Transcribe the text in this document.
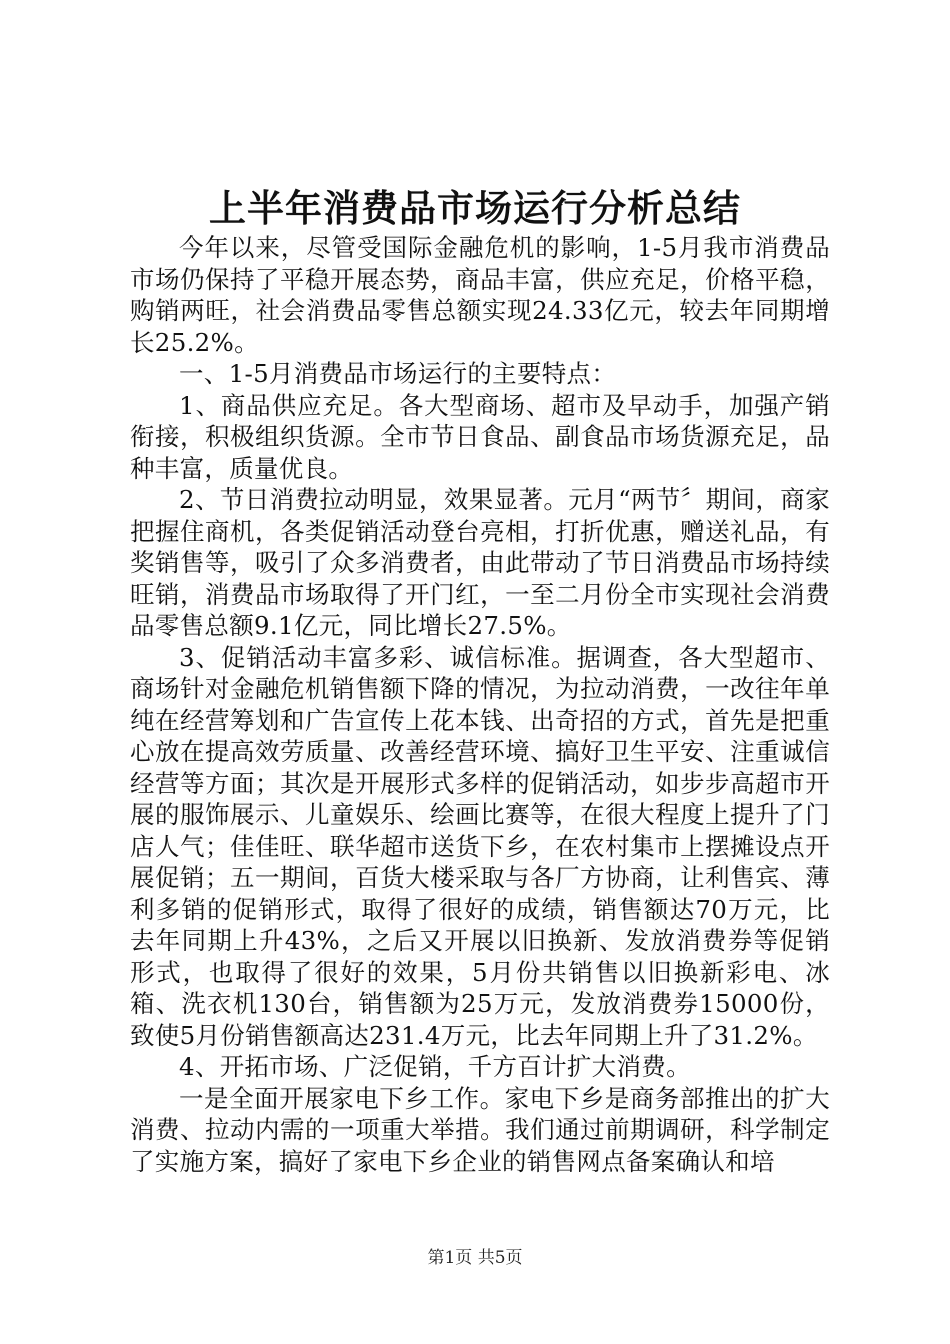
上半年消费品市场运行分析总结

今年以来，尽管受国际金融危机的影响，1-5月我市消费品市场仍保持了平稳开展态势，商品丰富，供应充足，价格平稳，购销两旺，社会消费品零售总额实现24.33亿元，较去年同期增长25.2%。

一、1-5月消费品市场运行的主要特点：

1、商品供应充足。各大型商场、超市及早动手，加强产销衔接，积极组织货源。全市节日食品、副食品市场货源充足，品种丰富，质量优良。

2、节日消费拉动明显，效果显著。元月“两节〞期间，商家把握住商机，各类促销活动登台亮相，打折优惠，赠送礼品，有奖销售等，吸引了众多消费者，由此带动了节日消费品市场持续旺销，消费品市场取得了开门红，一至二月份全市实现社会消费品零售总额9.1亿元，同比增长27.5%。

3、促销活动丰富多彩、诚信标准。据调查，各大型超市、商场针对金融危机销售额下降的情况，为拉动消费，一改往年单纯在经营筹划和广告宣传上花本钱、出奇招的方式，首先是把重心放在提高效劳质量、改善经营环境、搞好卫生平安、注重诚信经营等方面；其次是开展形式多样的促销活动，如步步高超市开展的服饰展示、儿童娱乐、绘画比赛等，在很大程度上提升了门店人气；佳佳旺、联华超市送货下乡，在农村集市上摆摊设点开展促销；五一期间，百货大楼采取与各厂方协商，让利售宾、薄利多销的促销形式，取得了很好的成绩，销售额达70万元，比去年同期上升43%，之后又开展以旧换新、发放消费券等促销形式，也取得了很好的效果，5月份共销售以旧换新彩电、冰箱、洗衣机130台，销售额为25万元，发放消费券15000份，致使5月份销售额高达231.4万元，比去年同期上升了31.2%。

4、开拓市场、广泛促销，千方百计扩大消费。

一是全面开展家电下乡工作。家电下乡是商务部推出的扩大消费、拉动内需的一项重大举措。我们通过前期调研，科学制定了实施方案，搞好了家电下乡企业的销售网点备案确认和培

第1页 共5页
